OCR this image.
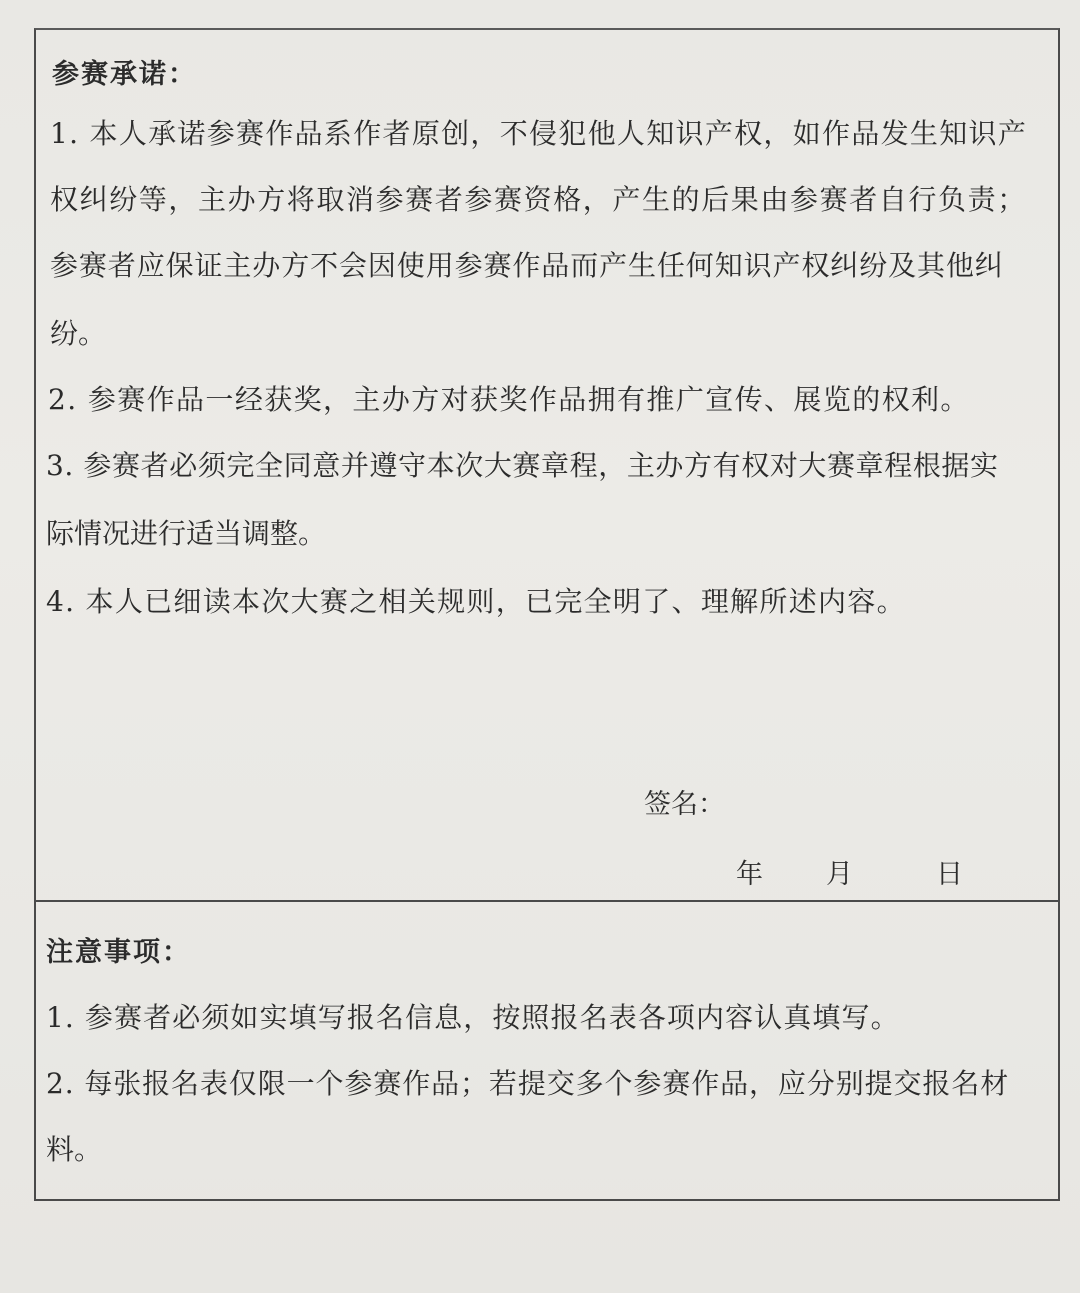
参赛承诺：
1. 本人承诺参赛作品系作者原创，不侵犯他人知识产权，如作品发生知识产
权纠纷等，主办方将取消参赛者参赛资格，产生的后果由参赛者自行负责；
参赛者应保证主办方不会因使用参赛作品而产生任何知识产权纠纷及其他纠
纷。
2. 参赛作品一经获奖，主办方对获奖作品拥有推广宣传、展览的权利。
3. 参赛者必须完全同意并遵守本次大赛章程，主办方有权对大赛章程根据实
际情况进行适当调整。
4. 本人已细读本次大赛之相关规则，已完全明了、理解所述内容。
签名：
年 月	日
注意事项：
1. 参赛者必须如实填写报名信息，按照报名表各项内容认真填写。
2. 每张报名表仅限一个参赛作品；若提交多个参赛作品，应分别提交报名材
料。
